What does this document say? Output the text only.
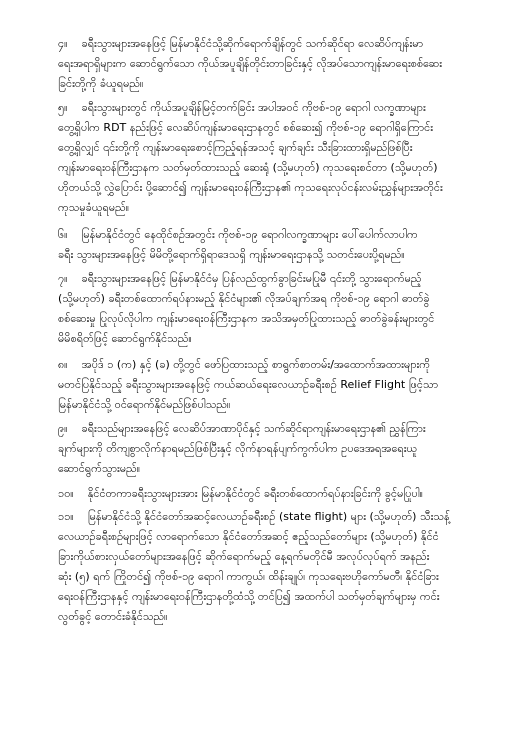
၄။ ခရီးသွားများအနေဖြင့် မြန်မာနိုင်ငံသို့ဆိုက်ရောက်ချိန်တွင် သက်ဆိုင်ရာ လေဆိပ်ကျန်းမာ
ရေးအရာရှိများက ဆောင်ရွက်သော ကိုယ်အပူချိန်တိုင်းတာခြင်းနှင့် လိုအပ်သောကျန်းမာရေးစစ်ဆေး
ခြင်းတို့ကို ခံယူရမည်။
၅။ ခရီးသွားများတွင် ကိုယ်အပူချိန်မြင့်တက်ခြင်း အပါအဝင် ကိုဗစ်-၁၉ ရောဂါ လက္ခဏာများ
တွေ့ရှိပါက RDT နည်းဖြင့် လေဆိပ်ကျန်းမာရေးဌာနတွင် စစ်ဆေး၍ ကိုဗစ်-၁၉ ရောဂါရှိကြောင်း
တွေ့ရှိလျှင် ၎င်းတို့ကို ကျန်းမာရေးစောင့်ကြည့်ရန်အသင့် ချက်ချင်း သီးခြားထားရှိမည်ဖြစ်ပြီး
ကျန်းမာရေးဝန်ကြီးဌာနက သတ်မှတ်ထားသည့် ဆေးရုံ (သို့မဟုတ်) ကုသရေးစင်တာ (သို့မဟုတ်)
ဟိုတယ်သို့ လွှဲပြောင်း ပို့ဆောင်၍ ကျန်းမာရေးဝန်ကြီးဌာန၏ ကုသရေးလုပ်ငန်းလမ်းညွှန်များအတိုင်း
ကုသမှုခံယူရမည်။
၆။ မြန်မာနိုင်ငံတွင် နေထိုင်စဉ်အတွင်း ကိုဗစ်-၁၉ ရောဂါလက္ခဏာများ ပေါ်ပေါက်လာပါက
ခရီး သွားများအနေဖြင့် မိမိတို့ရောက်ရှိရာဒေသရှိ ကျန်းမာရေးဌာနသို့ သတင်းပေးပို့ရမည်။
၇။ ခရီးသွားများအနေဖြင့် မြန်မာနိုင်ငံမှ ပြန်လည်ထွက်ခွာခြင်းမပြုမီ ၎င်းတို့ သွားရောက်မည့်
(သို့မဟုတ်) ခရီးတစ်ထောက်ရပ်နားမည့် နိုင်ငံများ၏ လိုအပ်ချက်အရ ကိုဗစ်-၁၉ ရောဂါ ဓာတ်ခွဲ
စစ်ဆေးမှု ပြုလုပ်လိုပါက ကျန်းမာရေးဝန်ကြီးဌာနက အသိအမှတ်ပြုထားသည့် ဓာတ်ခွဲခန်းများတွင်
မိမိစရိတ်ဖြင့် ဆောင်ရွက်နိုင်သည်။
၈။ အပိုဒ် ၁ (က) နှင့် (ခ) တို့တွင် ဖော်ပြထားသည့် စာရွက်စာတမ်း/အထောက်အထားများကို
မတင်ပြနိုင်သည့် ခရီးသွားများအနေဖြင့် ကယ်ဆယ်ရေးလေယာဉ်ခရီးစဉ် Relief Flight ဖြင့်သာ
မြန်မာနိုင်ငံသို့ ဝင်ရောက်နိုင်မည်ဖြစ်ပါသည်။
၉။ ခရီးသည်များအနေဖြင့် လေဆိပ်အာဏာပိုင်နှင့် သက်ဆိုင်ရာကျန်းမာရေးဌာန၏ ညွှန်ကြား
ချက်များကို တိကျစွာလိုက်နာရမည်ဖြစ်ပြီးနှင့် လိုက်နာရန်ပျက်ကွက်ပါက ဥပဒေအရအရေးယူ
ဆောင်ရွက်သွားမည်။
၁၀။ နိုင်ငံတကာခရီးသွားများအား မြန်မာနိုင်ငံတွင် ခရီးတစ်ထောက်ရပ်နားခြင်းကို ခွင့်မပြုပါ။
၁၁။ မြန်မာနိုင်ငံသို့ နိုင်ငံတော်အဆင့်လေယာဉ်ခရီးစဉ် (state flight) များ (သို့မဟုတ်) သီးသန့်
လေယာဉ်ခရီးစဉ်များဖြင့် လာရောက်သော နိုင်ငံတော်အဆင့် ဧည့်သည်တော်များ (သို့မဟုတ်) နိုင်ငံ
ခြားကိုယ်စားလှယ်တော်များအနေဖြင့် ဆိုက်ရောက်မည့် နေ့ရက်မတိုင်မီ အလုပ်လုပ်ရက် အနည်း
ဆုံး (၅) ရက် ကြိုတင်၍ ကိုဗစ်-၁၉ ရောဂါ ကာကွယ်၊ ထိန်းချုပ်၊ ကုသရေးဗဟိုကော်မတီ၊ နိုင်ငံခြား
ရေးဝန်ကြီးဌာနနှင့် ကျန်းမာရေးဝန်ကြီးဌာနတို့ထံသို့ တင်ပြ၍ အထက်ပါ သတ်မှတ်ချက်များမှ ကင်း
လွတ်ခွင့် တောင်းခံနိုင်သည်။
